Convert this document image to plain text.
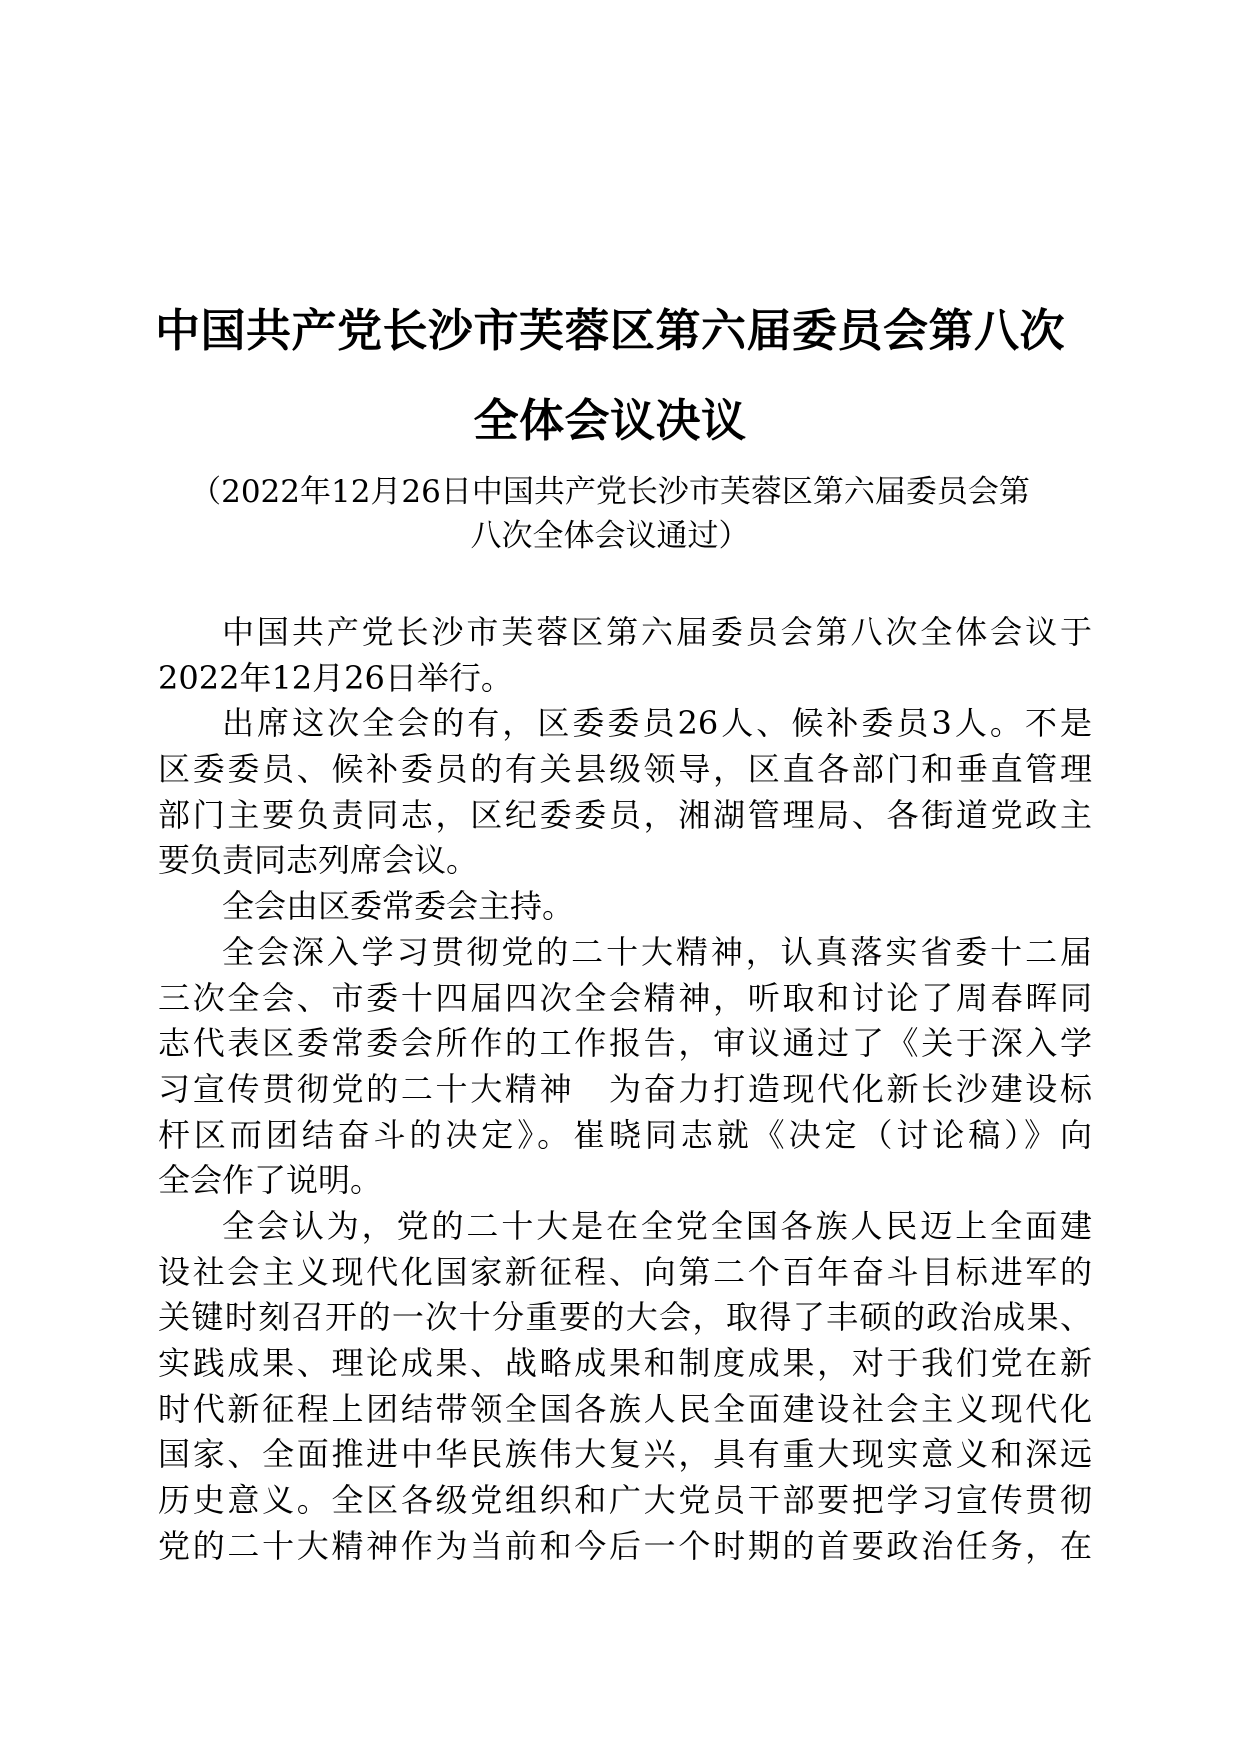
中国共产党长沙市芙蓉区第六届委员会第八次
全体会议决议

（2022年12月26日中国共产党长沙市芙蓉区第六届委员会第

八次全体会议通过）

中国共产党长沙市芙蓉区第六届委员会第八次全体会议于
2022年12月26日举行。
出席这次全会的有，区委委员26人、候补委员3人。不是
区委委员、候补委员的有关县级领导，区直各部门和垂直管理
部门主要负责同志，区纪委委员，湘湖管理局、各街道党政主
要负责同志列席会议。
全会由区委常委会主持。
全会深入学习贯彻党的二十大精神，认真落实省委十二届
三次全会、市委十四届四次全会精神，听取和讨论了周春晖同
志代表区委常委会所作的工作报告，审议通过了《关于深入学
习宣传贯彻党的二十大精神　为奋力打造现代化新长沙建设标
杆区而团结奋斗的决定》。崔晓同志就《决定（讨论稿）》向
全会作了说明。
全会认为，党的二十大是在全党全国各族人民迈上全面建
设社会主义现代化国家新征程、向第二个百年奋斗目标进军的
关键时刻召开的一次十分重要的大会，取得了丰硕的政治成果、
实践成果、理论成果、战略成果和制度成果，对于我们党在新
时代新征程上团结带领全国各族人民全面建设社会主义现代化
国家、全面推进中华民族伟大复兴，具有重大现实意义和深远
历史意义。全区各级党组织和广大党员干部要把学习宣传贯彻
党的二十大精神作为当前和今后一个时期的首要政治任务，在
